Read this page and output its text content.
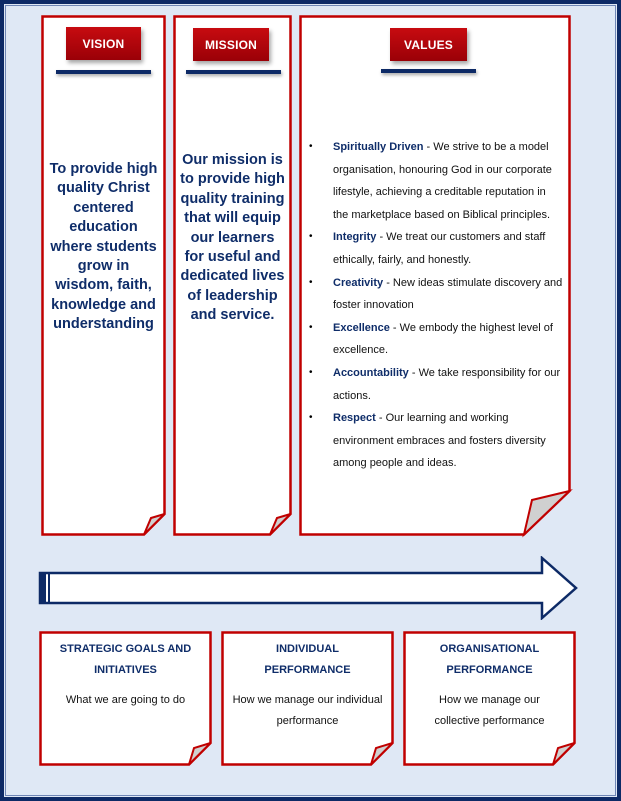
VISION
To provide high quality Christ centered education where students grow in wisdom, faith, knowledge and understanding
MISSION
Our mission is to provide high quality training that will equip our learners for useful and dedicated lives of leadership and service.
VALUES
• Spiritually Driven - We strive to be a model organisation, honouring God in our corporate lifestyle, achieving a creditable reputation in the marketplace based on Biblical principles.
• Integrity - We treat our customers and staff ethically, fairly, and honestly.
• Creativity - New ideas stimulate discovery and foster innovation
• Excellence - We embody the highest level of excellence.
• Accountability - We take responsibility for our actions.
• Respect - Our learning and working environment embraces and fosters diversity among people and ideas.
STRATEGIC GOALS AND INITIATIVES
What we are going to do
INDIVIDUAL PERFORMANCE
How we manage our individual performance
ORGANISATIONAL PERFORMANCE
How we manage our collective performance
